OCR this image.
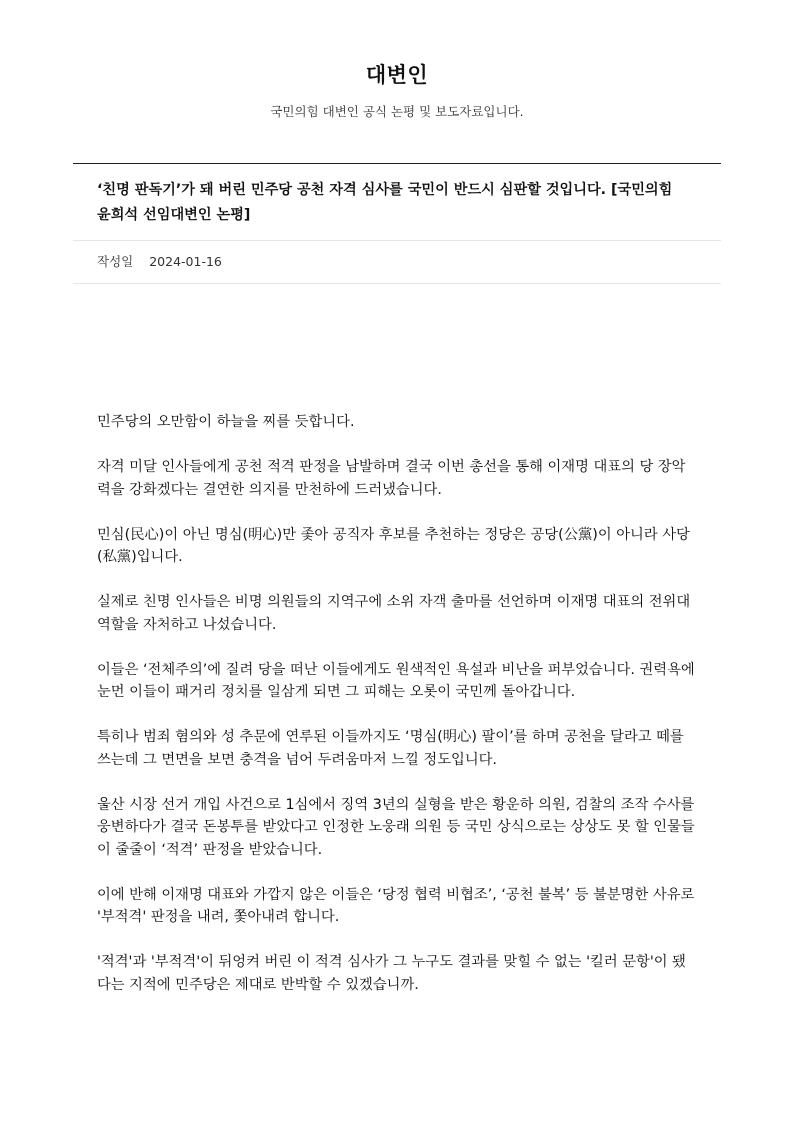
대변인
국민의힘 대변인 공식 논평 및 보도자료입니다.
‘친명 판독기’가 돼 버린 민주당 공천 자격 심사를 국민이 반드시 심판할 것입니다. [국민의힘 윤희석 선임대변인 논평]
작성일 2024-01-16

민주당의 오만함이 하늘을 찌를 듯합니다.

자격 미달 인사들에게 공천 적격 판정을 남발하며 결국 이번 총선을 통해 이재명 대표의 당 장악력을 강화겠다는 결연한 의지를 만천하에 드러냈습니다.

민심(民心)이 아닌 명심(明心)만 좇아 공직자 후보를 추천하는 정당은 공당(公黨)이 아니라 사당(私黨)입니다.

실제로 친명 인사들은 비명 의원들의 지역구에 소위 자객 출마를 선언하며 이재명 대표의 전위대 역할을 자처하고 나섰습니다.

이들은 ‘전체주의’에 질려 당을 떠난 이들에게도 원색적인 욕설과 비난을 퍼부었습니다. 권력욕에 눈먼 이들이 패거리 정치를 일삼게 되면 그 피해는 오롯이 국민께 돌아갑니다.

특히나 범죄 혐의와 성 추문에 연루된 이들까지도 ‘명심(明心) 팔이’를 하며 공천을 달라고 떼를 쓰는데 그 면면을 보면 충격을 넘어 두려움마저 느낄 정도입니다.

울산 시장 선거 개입 사건으로 1심에서 징역 3년의 실형을 받은 황운하 의원, 검찰의 조작 수사를 웅변하다가 결국 돈봉투를 받았다고 인정한 노웅래 의원 등 국민 상식으로는 상상도 못 할 인물들이 줄줄이 ‘적격’ 판정을 받았습니다.

이에 반해 이재명 대표와 가깝지 않은 이들은 ‘당정 협력 비협조’, ‘공천 불복’ 등 불분명한 사유로 '부적격' 판정을 내려, 쫓아내려 합니다.

'적격'과 '부적격'이 뒤엉켜 버린 이 적격 심사가 그 누구도 결과를 맞힐 수 없는 '킬러 문항'이 됐다는 지적에 민주당은 제대로 반박할 수 있겠습니까.
